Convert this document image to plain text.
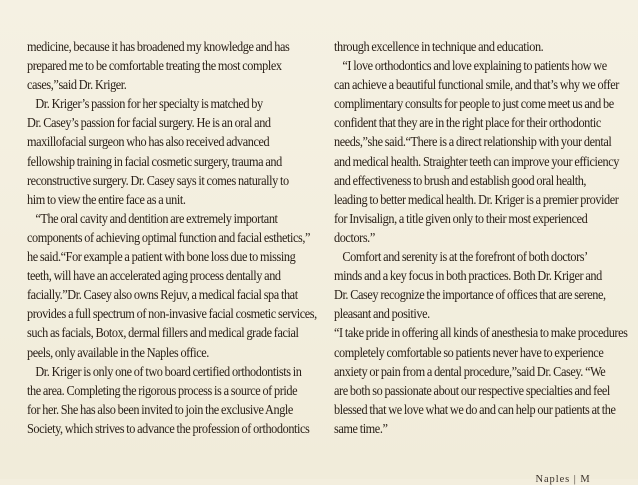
medicine, because it has broadened my knowledge and has
prepared me to be comfortable treating the most complex
cases,”said Dr. Kriger.
Dr. Kriger’s passion for her specialty is matched by
Dr. Casey’s passion for facial surgery. He is an oral and
maxillofacial surgeon who has also received advanced
fellowship training in facial cosmetic surgery, trauma and
reconstructive surgery. Dr. Casey says it comes naturally to
him to view the entire face as a unit.
“The oral cavity and dentition are extremely important
components of achieving optimal function and facial esthetics,”
he said.“For example a patient with bone loss due to missing
teeth, will have an accelerated aging process dentally and
facially.”Dr. Casey also owns Rejuv, a medical facial spa that
provides a full spectrum of non-invasive facial cosmetic services,
such as facials, Botox, dermal fillers and medical grade facial
peels, only available in the Naples office.
Dr. Kriger is only one of two board certified orthodontists in
the area. Completing the rigorous process is a source of pride
for her. She has also been invited to join the exclusive Angle
Society, which strives to advance the profession of orthodontics
through excellence in technique and education.
“I love orthodontics and love explaining to patients how we
can achieve a beautiful functional smile, and that’s why we offer
complimentary consults for people to just come meet us and be
confident that they are in the right place for their orthodontic
needs,”she said.“There is a direct relationship with your dental
and medical health. Straighter teeth can improve your efficiency
and effectiveness to brush and establish good oral health,
leading to better medical health. Dr. Kriger is a premier provider
for Invisalign, a title given only to their most experienced
doctors.”
Comfort and serenity is at the forefront of both doctors’
minds and a key focus in both practices. Both Dr. Kriger and
Dr. Casey recognize the importance of offices that are serene,
pleasant and positive.
“I take pride in offering all kinds of anesthesia to make procedures
completely comfortable so patients never have to experience
anxiety or pain from a dental procedure,”said Dr. Casey. “We
are both so passionate about our respective specialties and feel
blessed that we love what we do and can help our patients at the
same time.”
Naples | M
